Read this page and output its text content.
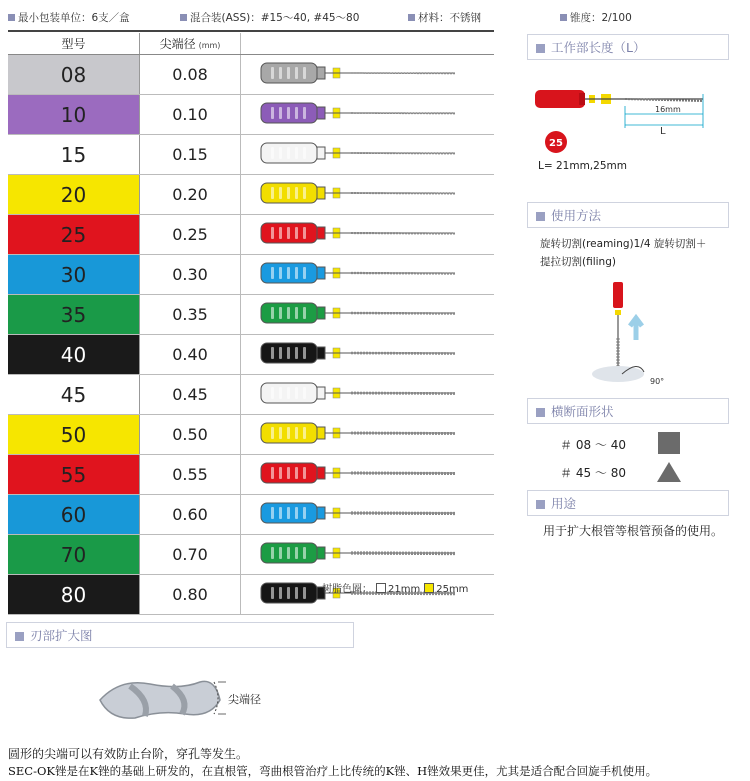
最小包装单位：6支／盒	混合装(ASS)：#15～40, #45～80	材料：不锈钢	锥度：2/100
型号	尖端径 (mm)	
08	0.08	
10	0.10	
15	0.15	
20	0.20	
25	0.25	
30	0.30	
35	0.35	
40	0.40	
45	0.45	
50	0.50	
55	0.55	
60	0.60	
70	0.70	
80	0.80		树脂色圈： 21mm 25mm
工作部长度（L）
16mm
L
25
L= 21mm,25mm
使用方法
旋转切割(reaming)1/4 旋转切割＋
提拉切割(filing)
90°
横断面形状
＃ 08 ～ 40
＃ 45 ～ 80
用途
用于扩大根管等根管预备的使用。
刃部扩大图
尖端径
圆形的尖端可以有效防止台阶，穿孔等发生。
SEC-OK锉是在K锉的基础上研发的，在直根管，弯曲根管治疗上比传统的K锉、H锉效果更佳，尤其是适合配合回旋手机使用。
